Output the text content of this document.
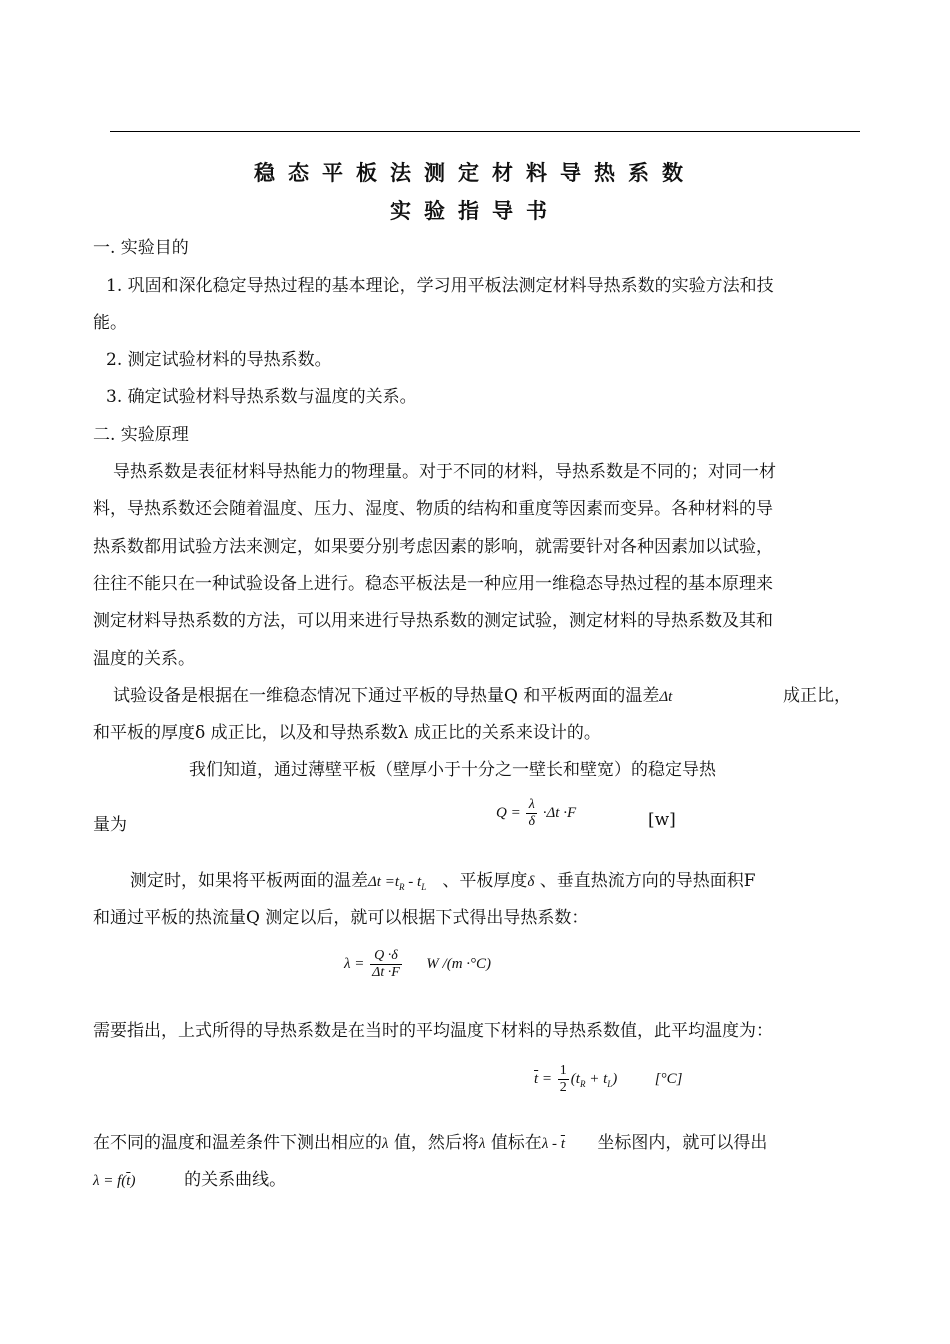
稳态平板法测定材料导热系数
实验指导书
一. 实验目的
1. 巩固和深化稳定导热过程的基本理论，学习用平板法测定材料导热系数的实验方法和技
能。
2. 测定试验材料的导热系数。
3. 确定试验材料导热系数与温度的关系。
二. 实验原理
导热系数是表征材料导热能力的物理量。对于不同的材料，导热系数是不同的；对同一材
料，导热系数还会随着温度、压力、湿度、物质的结构和重度等因素而变异。各种材料的导
热系数都用试验方法来测定，如果要分别考虑因素的影响，就需要针对各种因素加以试验，
往往不能只在一种试验设备上进行。稳态平板法是一种应用一维稳态导热过程的基本原理来
测定材料导热系数的方法，可以用来进行导热系数的测定试验，测定材料的导热系数及其和
温度的关系。
试验设备是根据在一维稳态情况下通过平板的导热量Q 和平板两面的温差Δt	成正比，
和平板的厚度δ 成正比，以及和导热系数λ 成正比的关系来设计的。
我们知道，通过薄壁平板（壁厚小于十分之一壁长和壁宽）的稳定导热
量为
$Q = \frac{\lambda}{\delta} \cdot\Delta t \cdot F$	[w]
测定时，如果将平板两面的温差$\Delta t =t_R - t_L$ 、平板厚度δ 、垂直热流方向的导热面积F
和通过平板的热流量Q 测定以后，就可以根据下式得出导热系数：
$\lambda = \frac{Q \cdot\delta}{\Delta t \cdot F}$ W /(m ·°C)
需要指出，上式所得的导热系数是在当时的平均温度下材料的导热系数值，此平均温度为：
$\overline{t} = \frac{1}{2} (t_R + t_L)$          [°C]
在不同的温度和温差条件下测出相应的λ 值，然后将λ 值标在λ - $\overline{t}$ 坐标图内，就可以得出
$\lambda = f(\overline{t})$	的关系曲线。
